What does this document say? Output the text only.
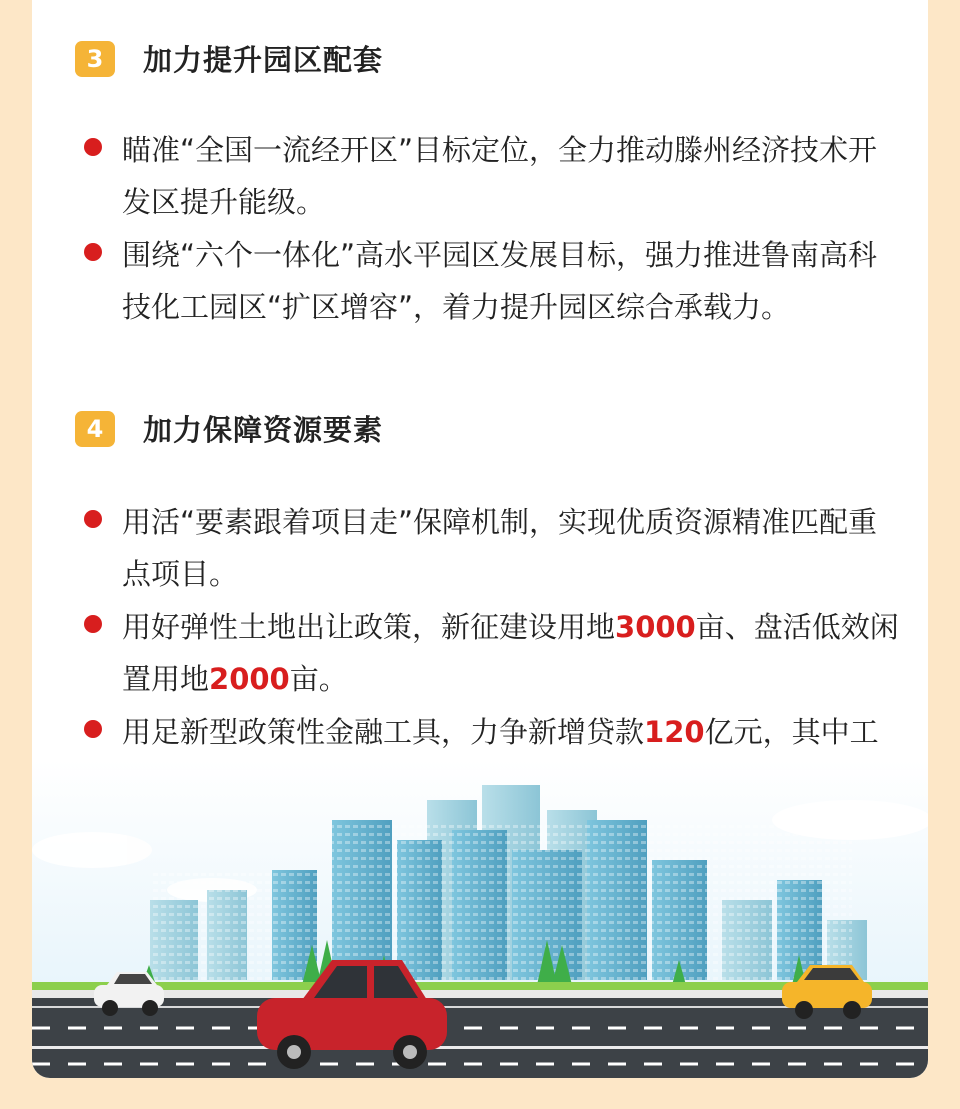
3	加力提升园区配套
瞄准“全国一流经开区”目标定位，全力推动滕州经济技术开发区提升能级。
围绕“六个一体化”高水平园区发展目标，强力推进鲁南高科技化工园区“扩区增容”，着力提升园区综合承载力。
4	加力保障资源要素
用活“要素跟着项目走”保障机制，实现优质资源精准匹配重点项目。
用好弹性土地出让政策，新征建设用地3000亩、盘活低效闲置用地2000亩。
用足新型政策性金融工具，力争新增贷款120亿元，其中工
